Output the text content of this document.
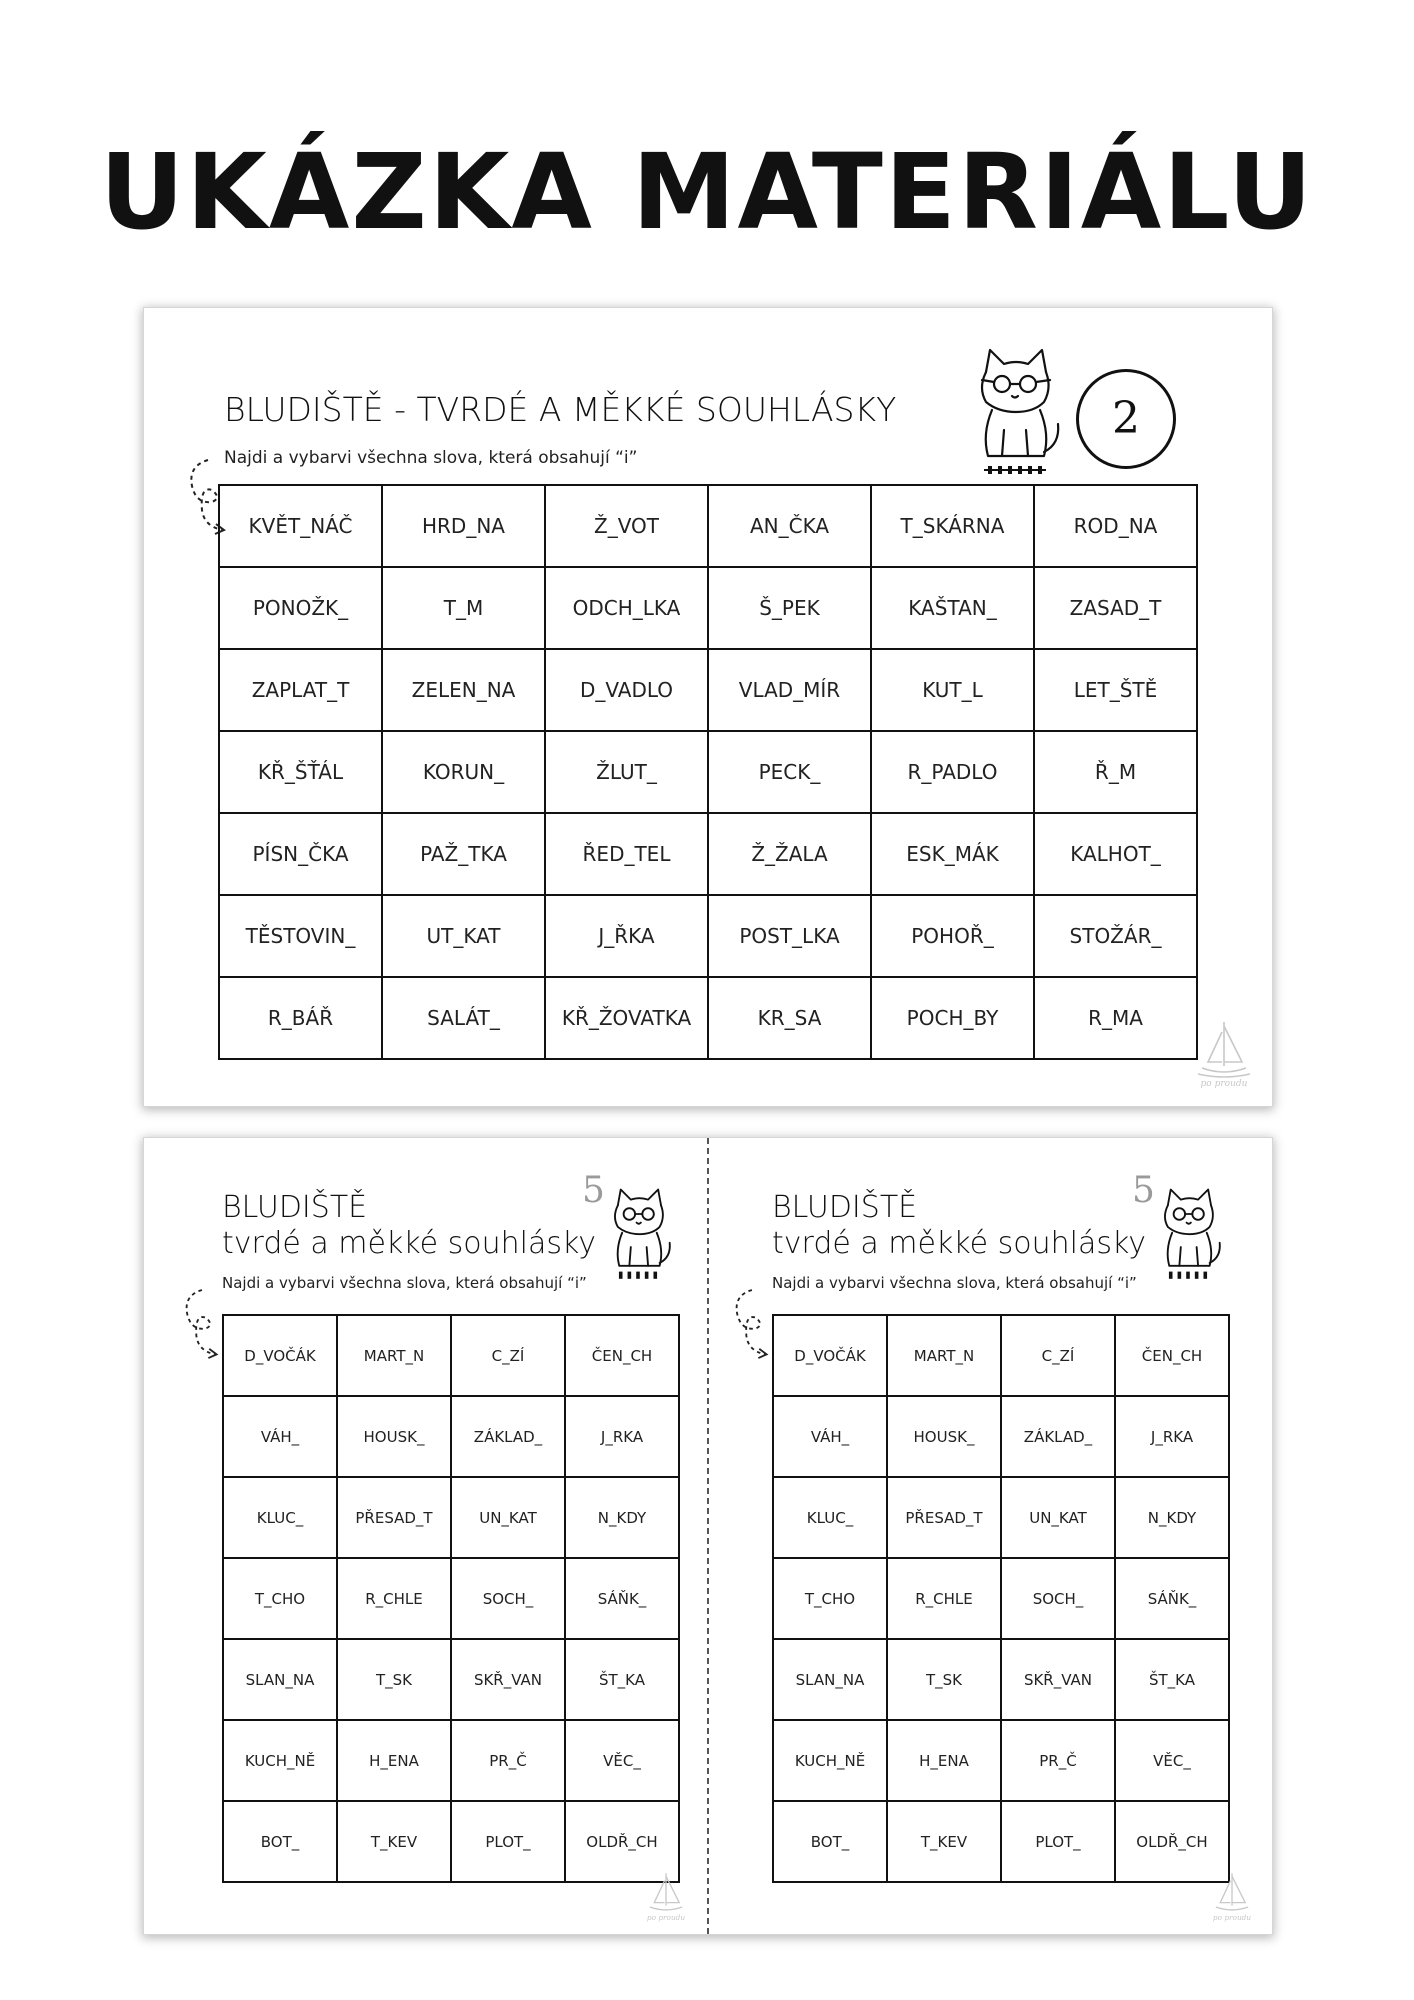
UKÁZKA MATERIÁLU
BLUDIŠTĚ - TVRDÉ A MĚKKÉ SOUHLÁSKY
Najdi a vybarvi všechna slova, která obsahují “i”
2
KVĚT_NÁČ	HRD_NA	Ž_VOT	AN_ČKA	T_SKÁRNA	ROD_NA
PONOŽK_	T_M	ODCH_LKA	Š_PEK	KAŠTAN_	ZASAD_T
ZAPLAT_T	ZELEN_NA	D_VADLO	VLAD_MÍR	KUT_L	LET_ŠTĚ
KŘ_ŠŤÁL	KORUN_	ŽLUT_	PECK_	R_PADLO	Ř_M
PÍSN_ČKA	PAŽ_TKA	ŘED_TEL	Ž_ŽALA	ESK_MÁK	KALHOT_
TĚSTOVIN_	UT_KAT	J_ŘKA	POST_LKA	POHOŘ_	STOŽÁR_
R_BÁŘ	SALÁT_	KŘ_ŽOVATKA	KR_SA	POCH_BY	R_MA
po proudu
BLUDIŠTĚ
tvrdé a měkké souhlásky
Najdi a vybarvi všechna slova, která obsahují “i”
5
D_VOČÁK	MART_N	C_ZÍ	ČEN_CH
VÁH_	HOUSK_	ZÁKLAD_	J_RKA
KLUC_	PŘESAD_T	UN_KAT	N_KDY
T_CHO	R_CHLE	SOCH_	SÁŇK_
SLAN_NA	T_SK	SKŘ_VAN	ŠT_KA
KUCH_NĚ	H_ENA	PR_Č	VĚC_
BOT_	T_KEV	PLOT_	OLDŘ_CH
po proudu
BLUDIŠTĚ
tvrdé a měkké souhlásky
Najdi a vybarvi všechna slova, která obsahují “i”
5
D_VOČÁK	MART_N	C_ZÍ	ČEN_CH
VÁH_	HOUSK_	ZÁKLAD_	J_RKA
KLUC_	PŘESAD_T	UN_KAT	N_KDY
T_CHO	R_CHLE	SOCH_	SÁŇK_
SLAN_NA	T_SK	SKŘ_VAN	ŠT_KA
KUCH_NĚ	H_ENA	PR_Č	VĚC_
BOT_	T_KEV	PLOT_	OLDŘ_CH
po proudu
